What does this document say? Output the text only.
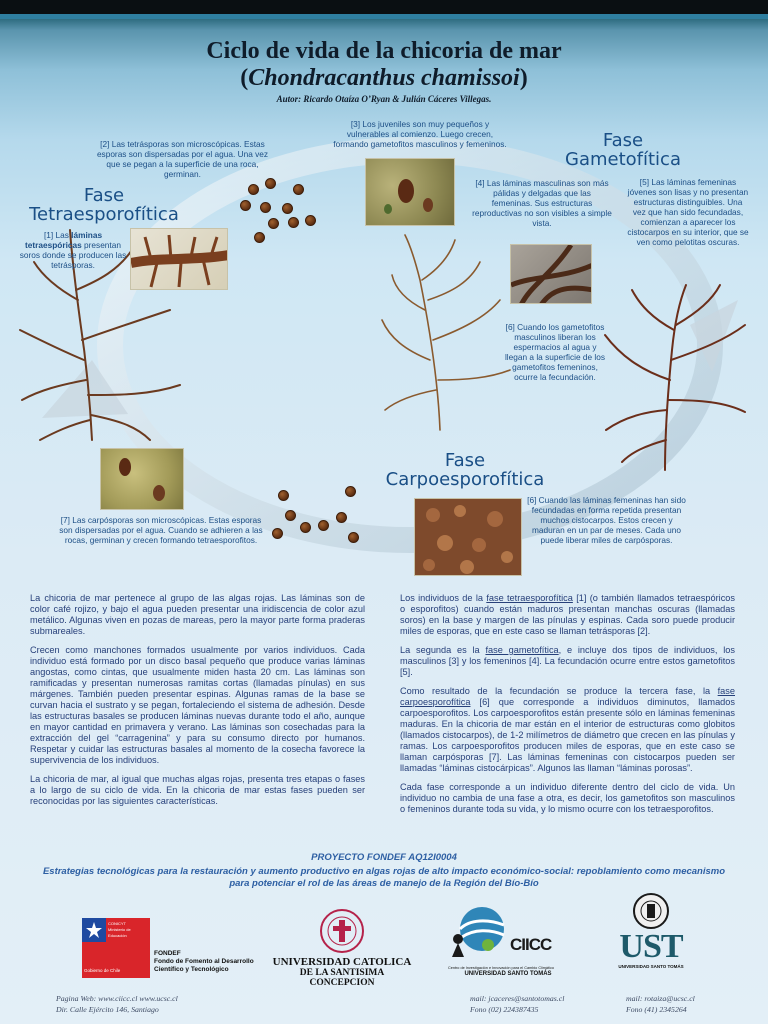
Ciclo de vida de la chicoria de mar
(Chondracanthus chamissoi)
Autor: Ricardo Otaíza O’Ryan & Julián Cáceres Villegas.
Fase Tetraesporofítica
Fase Gametofítica
Fase Carpoesporofítica
[1] Las láminas tetraespóricas presentan soros donde se producen las tetrásporas.
[2] Las tetrásporas son microscópicas. Estas esporas son dispersadas por el agua. Una vez que se pegan a la superficie de una roca, germinan.
[3] Los juveniles son muy pequeños y vulnerables al comienzo. Luego crecen, formando gametofitos masculinos y femeninos.
[4] Las láminas masculinas son más pálidas y delgadas que las femeninas. Sus estructuras reproductivas no son visibles a simple vista.
[5] Las láminas femeninas jóvenes son lisas y no presentan estructuras distinguibles. Una vez que han sido fecundadas, comienzan a aparecer los cistocarpos en su interior, que se ven como pelotitas oscuras.
[6] Cuando los gametofitos masculinos liberan los espermacios al agua y llegan a la superficie de los gametofitos femeninos, ocurre la fecundación.
[6] Cuando las láminas femeninas han sido fecundadas en forma repetida presentan muchos cistocarpos. Estos crecen y maduran en un par de meses. Cada uno puede liberar miles de carpósporas.
[7] Las carpósporas son microscópicas. Estas esporas son dispersadas por el agua. Cuando se adhieren a las rocas, germinan y crecen formando tetraesporofitos.

La chicoria de mar pertenece al grupo de las algas rojas. Las láminas son de color café rojizo, y bajo el agua pueden presentar una iridiscencia de color azul metálico. Algunas viven en pozas de mareas, pero la mayor parte forma praderas submareales.

Crecen como manchones formados usualmente por varios individuos. Cada individuo está formado por un disco basal pequeño que produce varias láminas angostas, como cintas, que usualmente miden hasta 20 cm. Las láminas son ramificadas y presentan numerosas ramitas cortas (llamadas pínulas) en sus márgenes. También pueden presentar espinas. Algunas ramas de la base se curvan hacia el sustrato y se pegan, fortaleciendo el sistema de adhesión. Desde las estructuras basales se producen láminas nuevas durante todo el año, aunque en mayor cantidad en primavera y verano. Las láminas son cosechadas para la extracción del gel “carragenina” y para su consumo directo por humanos. Respetar y cuidar las estructuras basales al momento de la cosecha favorece la supervivencia de los individuos.

La chicoria de mar, al igual que muchas algas rojas, presenta tres etapas o fases a lo largo de su ciclo de vida. En la chicoria de mar estas fases pueden ser reconocidas por las siguientes características.

Los individuos de la fase tetraesporofítica [1] (o también llamados tetraespóricos o esporofitos) cuando están maduros presentan manchas oscuras (llamadas soros) en la base y margen de las pínulas y espinas. Cada soro puede producir miles de esporas, que en este caso se llaman tetrásporas [2].

La segunda es la fase gametofítica, e incluye dos tipos de individuos, los masculinos [3] y los femeninos [4]. La fecundación ocurre entre estos gametofitos [5].

Como resultado de la fecundación se produce la tercera fase, la fase carpoesporofítica [6] que corresponde a individuos diminutos, llamados carpoesporofitos. Los carpoesporofitos están presente sólo en láminas femeninas maduras. En la chicoria de mar están en el interior de estructuras como globitos (llamados cistocarpos), de 1-2 milímetros de diámetro que crecen en las pínulas y ramas. Los carpoesporofitos producen miles de esporas, que en este caso se llaman carpósporas [7]. Las láminas femeninas con cistocarpos pueden ser llamadas “láminas cistocárpicas”. Algunos las llaman “láminas porosas”.

Cada fase corresponde a un individuo diferente dentro del ciclo de vida. Un individuo no cambia de una fase a otra, es decir, los gametofitos son masculinos o femeninos durante toda su vida, y lo mismo ocurre con los tetraesporofitos.

PROYECTO FONDEF AQ12I0004
Estrategias tecnológicas para la restauración y aumento productivo en algas rojas de alto impacto económico-social: repoblamiento como mecanismo
para potenciar el rol de las áreas de manejo de la Región del Bío-Bío
CONICYT
Ministerio de Educación
Gobierno de Chile
FONDEF
Fondo de Fomento al Desarrollo
Científico y Tecnológico
UNIVERSIDAD CATOLICA
DE LA SANTISIMA CONCEPCION
CIICC
Centro de Investigación e Innovación para el Cambio Climático
UNIVERSIDAD SANTO TOMÁS
UST
UNIVERSIDAD SANTO TOMÁS
Pagina Web: www.ciicc.cl www.ucsc.cl
Dir. Calle Ejército 146, Santiago
mail: jcaceres@santotomas.cl
Fono (02) 224387435
mail: rotaiza@ucsc.cl
Fono (41) 2345264
